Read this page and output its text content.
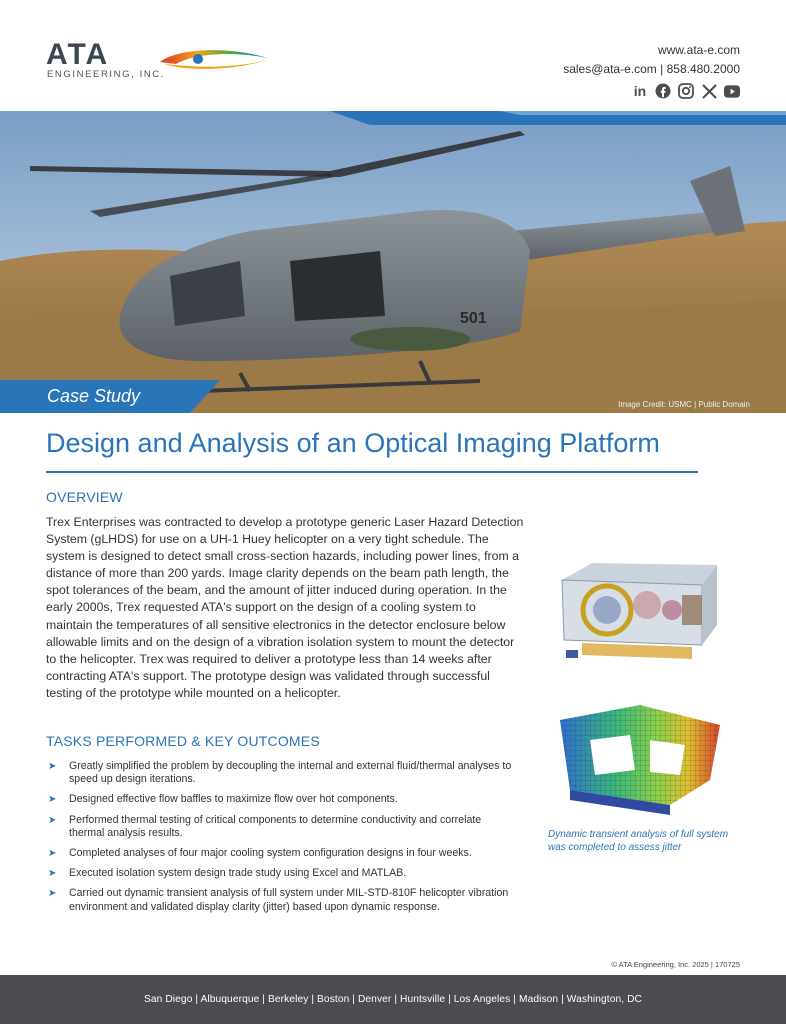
ATA
ENGINEERING, INC.
www.ata-e.com
sales@ata-e.com | 858.480.2000
in
501
Case Study	Image Credit: USMC | Public Domain
Design and Analysis of an Optical Imaging Platform
OVERVIEW
Trex Enterprises was contracted to develop a prototype generic Laser Hazard Detection System (gLHDS) for use on a UH-1 Huey helicopter on a very tight schedule. The system is designed to detect small cross-section hazards, including power lines, from a distance of more than 200 yards. Image clarity depends on the beam path length, the spot tolerances of the beam, and the amount of jitter induced during operation. In the early 2000s, Trex requested ATA's support on the design of a cooling system to maintain the temperatures of all sensitive electronics in the detector enclosure below allowable limits and on the design of a vibration isolation system to mount the detector to the helicopter. Trex was required to deliver a prototype less than 14 weeks after contracting ATA's support. The prototype design was validated through successful testing of the prototype while mounted on a helicopter.
TASKS PERFORMED & KEY OUTCOMES
➤ Greatly simplified the problem by decoupling the internal and external fluid/thermal analyses to speed up design iterations.
➤ Designed effective flow baffles to maximize flow over hot components.
➤ Performed thermal testing of critical components to determine conductivity and correlate thermal analysis results.
➤ Completed analyses of four major cooling system configuration designs in four weeks.
➤ Executed isolation system design trade study using Excel and MATLAB.
➤ Carried out dynamic transient analysis of full system under MIL-STD-810F helicopter vibration environment and validated display clarity (jitter) based upon dynamic response.
Dynamic transient analysis of full system was completed to assess jitter
© ATA Engineering, Inc. 2025 | 170725
San Diego | Albuquerque | Berkeley | Boston | Denver | Huntsville | Los Angeles | Madison | Washington, DC
